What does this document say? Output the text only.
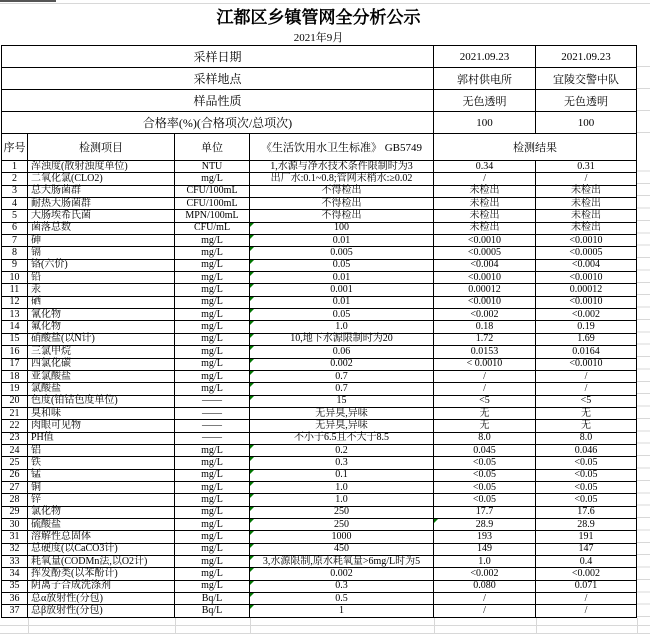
江都区乡镇管网全分析公示
2021年9月
采样日期	2021.09.23	2021.09.23
采样地点	郭村供电所	宜陵交警中队
样品性质	无色透明	无色透明
合格率(%)(合格项次/总项次)	100	100
序号	检测项目	单位	《生活饮用水卫生标准》 GB5749	检测结果
1 浑浊度(散射浊度单位)	NTU	1,水源与净水技术条件限制时为3	0.34	0.31
2 二氧化氯(CLO2)	mg/L	出厂水:0.1~0.8;管网末梢水:≥0.02	/	/
3 总大肠菌群	CFU/100mL	不得检出	未检出	未检出
4 耐热大肠菌群	CFU/100mL	不得检出	未检出	未检出
5 大肠埃希氏菌	MPN/100mL	不得检出	未检出	未检出
6 菌落总数	CFU/mL	100	未检出	未检出
7 砷	mg/L	0.01	<0.0010	<0.0010
8 镉	mg/L	0.005	<0.0005	<0.0005
9 铬(六价)	mg/L	0.05	<0.004	<0.004
10 铅	mg/L	0.01	<0.0010	<0.0010
11 汞	mg/L	0.001	0.00012	0.00012
12 硒	mg/L	0.01	<0.0010	<0.0010
13 氰化物	mg/L	0.05	<0.002	<0.002
14 氟化物	mg/L	1.0	0.18	0.19
15 硝酸盐(以N计)	mg/L	10,地下水源限制时为20	1.72	1.69
16 三氯甲烷	mg/L	0.06	0.0153	0.0164
17 四氯化碳	mg/L	0.002	< 0.0010	<0.0010
18 亚氯酸盐	mg/L	0.7	/	/
19 氯酸盐	mg/L	0.7	/	/
20 色度(铂钴色度单位)	——	15	<5	<5
21 臭和味	——	无异臭,异味	无	无
22 肉眼可见物	——	无异臭,异味	无	无
23 PH值	——	不小于6.5且不大于8.5	8.0	8.0
24 铝	mg/L	0.2	0.045	0.046
25 铁	mg/L	0.3	<0.05	<0.05
26 锰	mg/L	0.1	<0.05	<0.05
27 铜	mg/L	1.0	<0.05	<0.05
28 锌	mg/L	1.0	<0.05	<0.05
29 氯化物	mg/L	250	17.7	17.6
30 硫酸盐	mg/L	250	28.9	28.9
31 溶解性总固体	mg/L	1000	193	191
32 总硬度(以CaCO3计)	mg/L	450	149	147
33 耗氧量(CODMn法,以O2计)	mg/L	3,水源限制,原水耗氧量>6mg/L时为5	1.0	0.4
34 挥发酚类(以苯酚计)	mg/L	0.002	<0.002	<0.002
35 阴离子合成洗涤剂	mg/L	0.3	0.080	0.071
36 总α放射性(分包)	Bq/L	0.5	/	/
37 总β放射性(分包)	Bq/L	1	/	/
